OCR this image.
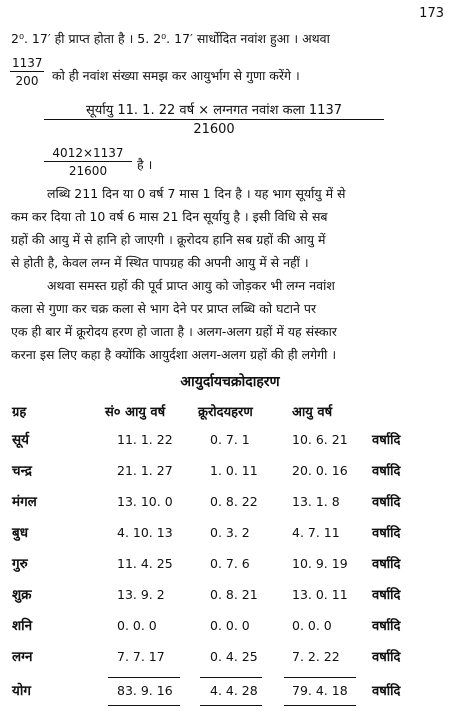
173
2⁰. 17′ ही प्राप्त होता है । 5. 2⁰. 17′ सार्धोदित नवांश हुआ । अथवा
$\frac{1137}{200}$ को ही नवांश संख्या समझ कर आयुर्भाग से गुणा करेंगे ।
सूर्यायु 11. 1. 22 वर्ष × लग्नगत नवांश कला 1137
21600
$\frac{4012\times 1137}{21600}$ है ।
लब्धि 211 दिन या 0 वर्ष 7 मास 1 दिन है । यह भाग सूर्यायु में से
कम कर दिया तो 10 वर्ष 6 मास 21 दिन सूर्यायु है । इसी विधि से सब
ग्रहों की आयु में से हानि हो जाएगी । क्रूरोदय हानि सब ग्रहों की आयु में
से होती है, केवल लग्न में स्थित पापग्रह की अपनी आयु में से नहीं ।
अथवा समस्त ग्रहों की पूर्व प्राप्त आयु को जोड़कर भी लग्न नवांश
कला से गुणा कर चक्र कला से भाग देने पर प्राप्त लब्धि को घटाने पर
एक ही बार में क्रूरोदय हरण हो जाता है । अलग-अलग ग्रहों में यह संस्कार
करना इस लिए कहा है क्योंकि आयुर्दशा अलग-अलग ग्रहों की ही लगेगी ।
आयुर्दायचक्रोदाहरण
ग्रह	सं० आयु वर्ष	क्रूरोदयहरण	आयु वर्ष
सूर्य	11. 1. 22	0. 7. 1	10. 6. 21 वर्षादि
चन्द्र	21. 1. 27	1. 0. 11	20. 0. 16 वर्षादि
मंगल	13. 10. 0	0. 8. 22	13. 1. 8 वर्षादि
बुध	4. 10. 13	0. 3. 2	4. 7. 11 वर्षादि
गुरु	11. 4. 25	0. 7. 6	10. 9. 19 वर्षादि
शुक्र	13. 9. 2	0. 8. 21	13. 0. 11 वर्षादि
शनि	0. 0. 0	0. 0. 0	0. 0. 0	वर्षादि
लग्न	7. 7. 17	0. 4. 25	7. 2. 22 वर्षादि
योग	83. 9. 16	4. 4. 28	79. 4. 18 वर्षादि
